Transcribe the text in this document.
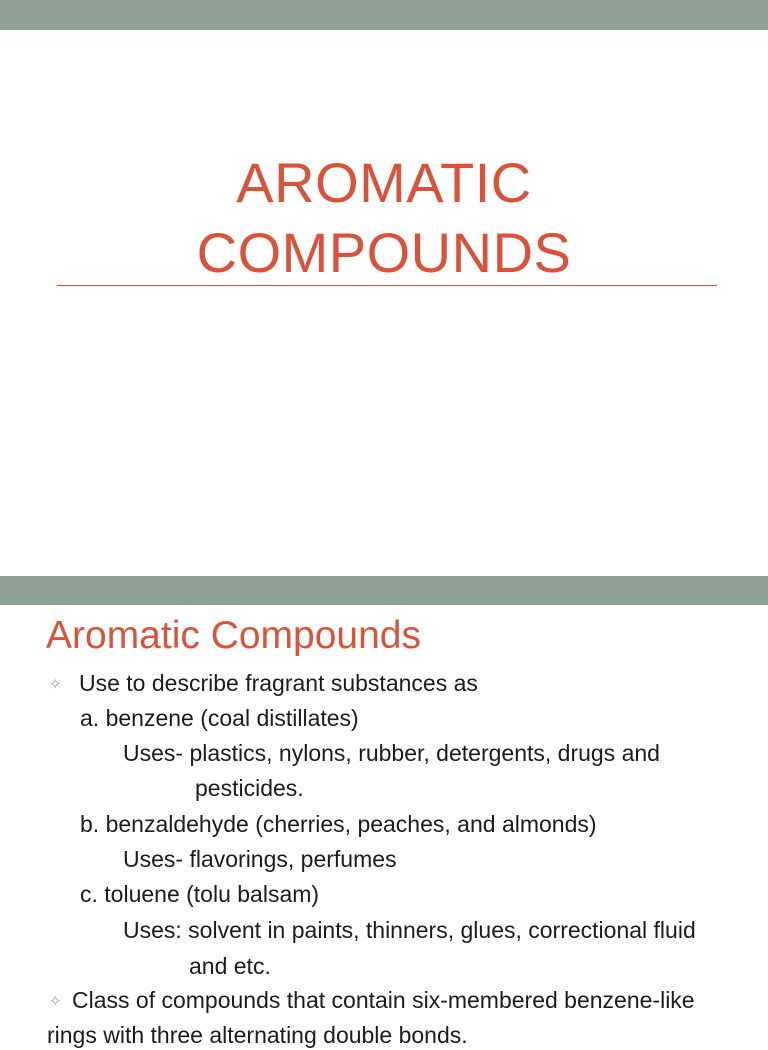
AROMATIC
COMPOUNDS
Aromatic Compounds
✧ Use to describe fragrant substances as

a. benzene (coal distillates)

Uses- plastics, nylons, rubber, detergents, drugs and

pesticides.

b. benzaldehyde (cherries, peaches, and almonds)

Uses- flavorings, perfumes

c. toluene (tolu balsam)

Uses: solvent in paints, thinners, glues, correctional fluid

and etc.

✧ Class of compounds that contain six-membered benzene-like

rings with three alternating double bonds.
